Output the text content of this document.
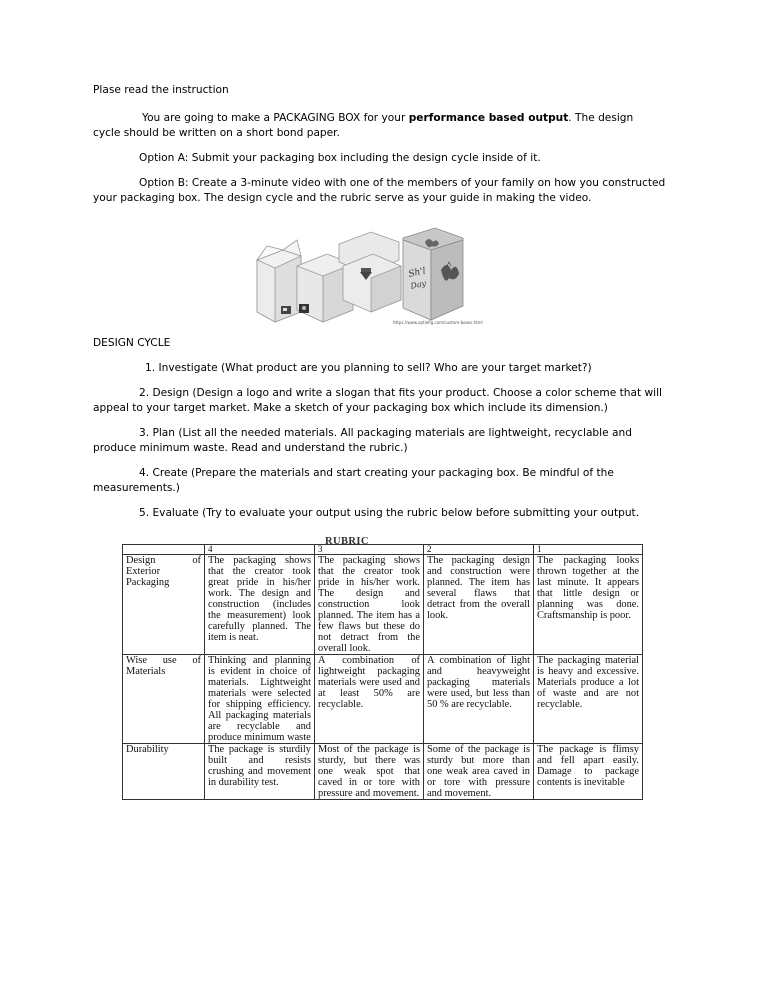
Plase read the instruction
You are going to make a PACKAGING BOX for your performance based output. The design
cycle should be written on a short bond paper.
Option A: Submit your packaging box including the design cycle inside of it.
Option B: Create a 3-minute video with one of the members of your family on how you constructed
your packaging box. The design cycle and the rubric serve as your guide in making the video.
Sh'l
Day
https://www.optiefig.com/custom-boxes.html
DESIGN CYCLE
1. Investigate (What product are you planning to sell? Who are your target market?)
2. Design (Design a logo and write a slogan that fits your product. Choose a color scheme that will
appeal to your target market. Make a sketch of your packaging box which include its dimension.)
3. Plan (List all the needed materials. All packaging materials are lightweight, recyclable and
produce minimum waste. Read and understand the rubric.)
4. Create (Prepare the materials and start creating your packaging box. Be mindful of the
measurements.)
5. Evaluate (Try to evaluate your output using the rubric below before submitting your output.
RUBRIC
	4	3	2	1
Design of Exterior Packaging	The packaging shows that the creator took great pride in his/her work. The design and construction (includes the measurement) look carefully planned. The item is neat.	The packaging shows that the creator took pride in his/her work. The design and construction look planned. The item has a few flaws but these do not detract from the overall look.	The packaging design and construction were planned. The item has several flaws that detract from the overall look.	The packaging looks thrown together at the last minute. It appears that little design or planning was done. Craftsmanship is poor.
Wise use of Materials	Thinking and planning is evident in choice of materials. Lightweight materials were selected for shipping efficiency. All packaging materials are recyclable and produce minimum waste	A combination of lightweight packaging materials were used and at least 50% are recyclable.	A combination of light and heavyweight packaging materials were used, but less than 50 % are recyclable.	The packaging material is heavy and excessive. Materials produce a lot of waste and are not recyclable.
Durability	The package is sturdily built and resists crushing and movement in durability test.	Most of the package is sturdy, but there was one weak spot that caved in or tore with pressure and movement.	Some of the package is sturdy but more than one weak area caved in or tore with pressure and movement.	The package is flimsy and fell apart easily. Damage to package contents is inevitable
